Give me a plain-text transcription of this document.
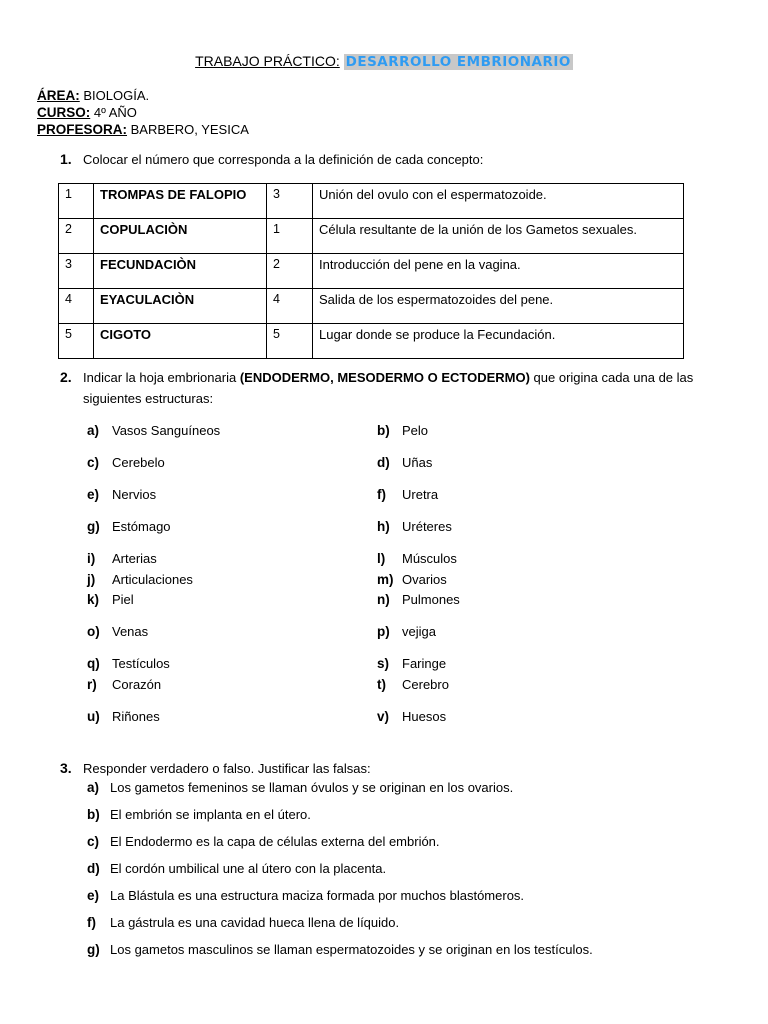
TRABAJO PRÁCTICO: DESARROLLO EMBRIONARIO
ÁREA: BIOLOGÍA.
CURSO: 4º AÑO
PROFESORA: BARBERO, YESICA
1. Colocar el número que corresponda a la definición de cada concepto:
1	TROMPAS DE FALOPIO	3	Unión del ovulo con el espermatozoide.
2	COPULACIÒN	1	Célula resultante de la unión de los Gametos sexuales.
3	FECUNDACIÒN	2	Introducción del pene en la vagina.
4	EYACULACIÒN	4	Salida de los espermatozoides del pene.
5	CIGOTO	5	Lugar donde se produce la Fecundación.
2. Indicar la hoja embrionaria (ENDODERMO, MESODERMO O ECTODERMO) que origina cada una de las
siguientes estructuras:
a) Vasos Sanguíneos
c) Cerebelo
e) Nervios
g) Estómago
i) Arterias
j) Articulaciones
k) Piel
o) Venas
q) Testículos
r) Corazón
u) Riñones
b) Pelo
d) Uñas
f) Uretra
h) Uréteres
l) Músculos
m) Ovarios
n) Pulmones
p) vejiga
s) Faringe
t) Cerebro
v) Huesos
3. Responder verdadero o falso. Justificar las falsas:
a) Los gametos femeninos se llaman óvulos y se originan en los ovarios.
b) El embrión se implanta en el útero.
c) El Endodermo es la capa de células externa del embrión.
d) El cordón umbilical une al útero con la placenta.
e) La Blástula es una estructura maciza formada por muchos blastómeros.
f) La gástrula es una cavidad hueca llena de líquido.
g) Los gametos masculinos se llaman espermatozoides y se originan en los testículos.
